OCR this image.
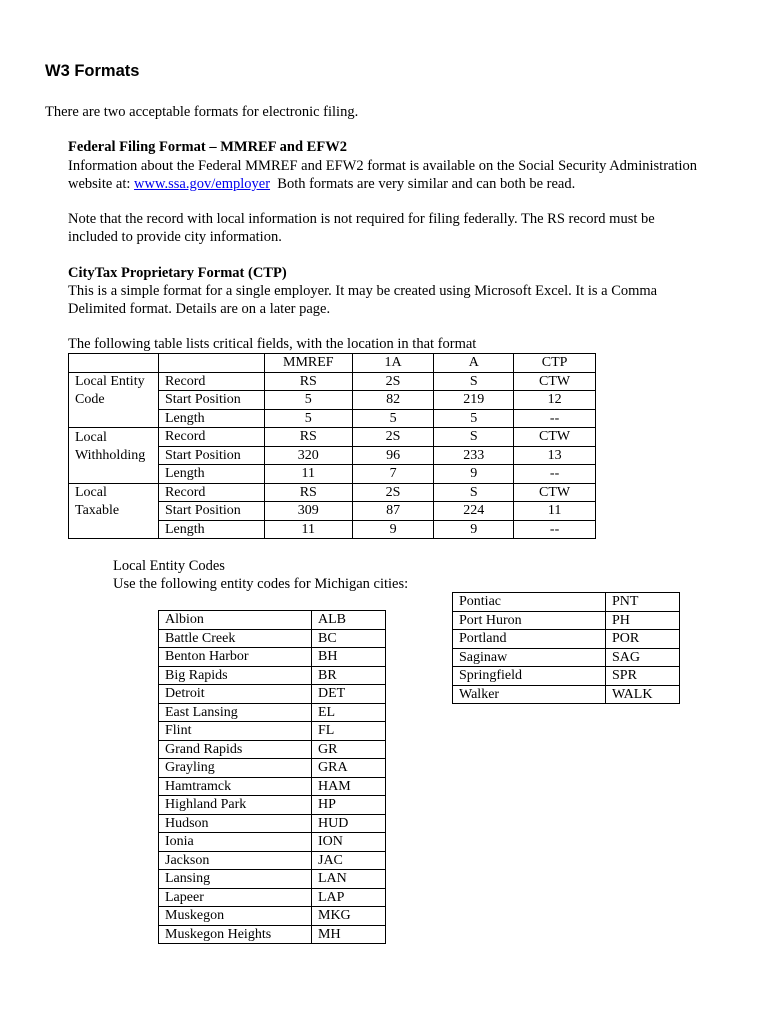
W3 Formats
There are two acceptable formats for electronic filing.
Federal Filing Format – MMREF and EFW2
Information about the Federal MMREF and EFW2 format is available on the Social Security Administration
website at: www.ssa.gov/employer  Both formats are very similar and can both be read.
Note that the record with local information is not required for filing federally. The RS record must be
included to provide city information.
CityTax Proprietary Format (CTP)
This is a simple format for a single employer. It may be created using Microsoft Excel. It is a Comma
Delimited format. Details are on a later page.
The following table lists critical fields, with the location in that format
		MMREF	1A	A	CTP
Local Entity	Record	RS	2S	S	CTW
Code	Start Position	5	82	219	12
	Length	5	5	5	--
Local	Record	RS	2S	S	CTW
Withholding	Start Position	320	96	233	13
	Length	11	7	9	--
Local	Record	RS	2S	S	CTW
Taxable	Start Position	309	87	224	11
	Length	11	9	9	--
Local Entity Codes
Use the following entity codes for Michigan cities:
Albion	ALB
Battle Creek	BC
Benton Harbor	BH
Big Rapids	BR
Detroit	DET
East Lansing	EL
Flint	FL
Grand Rapids	GR
Grayling	GRA
Hamtramck	HAM
Highland Park	HP
Hudson	HUD
Ionia	ION
Jackson	JAC
Lansing	LAN
Lapeer	LAP
Muskegon	MKG
Muskegon Heights	MH
Pontiac	PNT
Port Huron	PH
Portland	POR
Saginaw	SAG
Springfield	SPR
Walker	WALK
